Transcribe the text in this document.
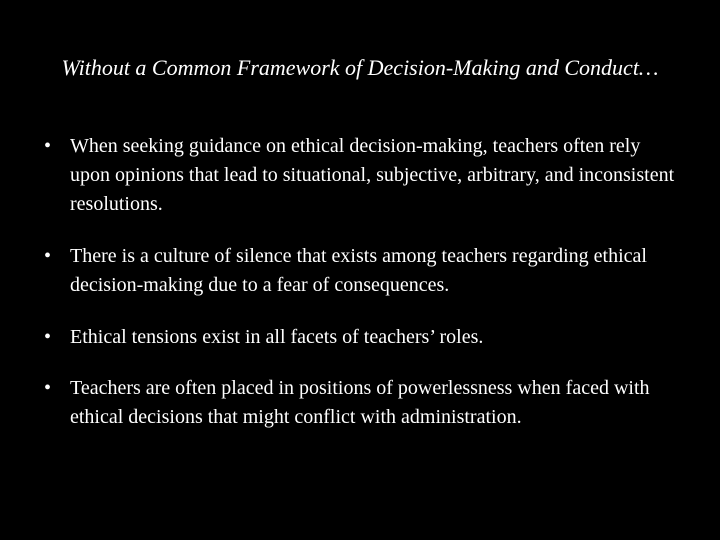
Without a Common Framework of Decision-Making and Conduct…
• When seeking guidance on ethical decision-making, teachers often rely upon opinions that lead to situational, subjective, arbitrary, and inconsistent resolutions.
• There is a culture of silence that exists among teachers regarding ethical decision-making due to a fear of consequences.
• Ethical tensions exist in all facets of teachers’ roles.
• Teachers are often placed in positions of powerlessness when faced with ethical decisions that might conflict with administration.
